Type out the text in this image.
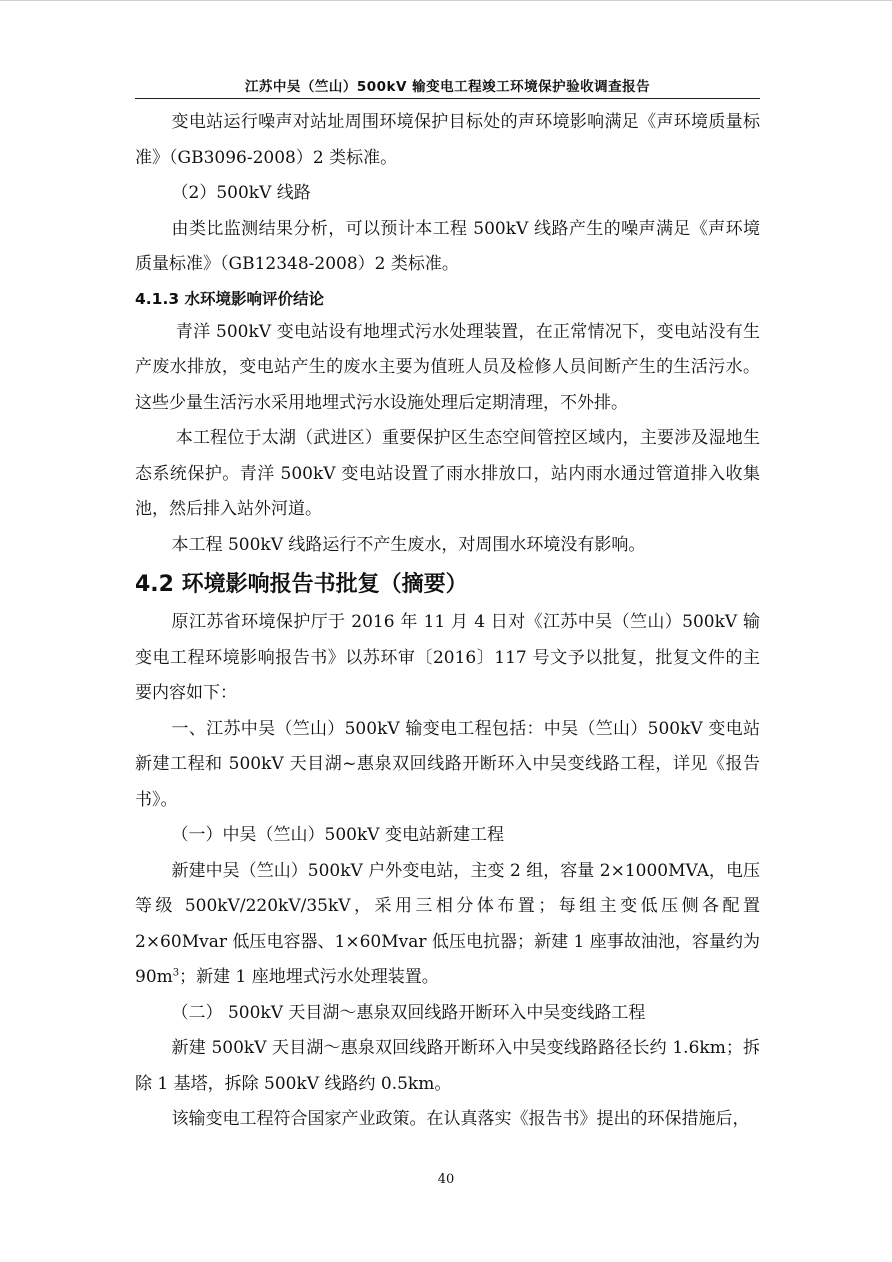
江苏中吴（竺山）500kV 输变电工程竣工环境保护验收调查报告

变电站运行噪声对站址周围环境保护目标处的声环境影响满足《声环境质量标准》（GB3096-2008）2 类标准。

（2）500kV 线路

由类比监测结果分析，可以预计本工程 500kV 线路产生的噪声满足《声环境质量标准》（GB12348-2008）2 类标准。

4.1.3 水环境影响评价结论

青洋 500kV 变电站设有地埋式污水处理装置，在正常情况下，变电站没有生产废水排放，变电站产生的废水主要为值班人员及检修人员间断产生的生活污水。这些少量生活污水采用地埋式污水设施处理后定期清理，不外排。

本工程位于太湖（武进区）重要保护区生态空间管控区域内，主要涉及湿地生态系统保护。青洋 500kV 变电站设置了雨水排放口，站内雨水通过管道排入收集池，然后排入站外河道。

本工程 500kV 线路运行不产生废水，对周围水环境没有影响。

4.2 环境影响报告书批复（摘要）

原江苏省环境保护厅于 2016 年 11 月 4 日对《江苏中吴（竺山）500kV 输变电工程环境影响报告书》以苏环审〔2016〕117 号文予以批复，批复文件的主要内容如下：

一、江苏中吴（竺山）500kV 输变电工程包括：中吴（竺山）500kV 变电站新建工程和 500kV 天目湖~惠泉双回线路开断环入中吴变线路工程，详见《报告书》。

（一）中吴（竺山）500kV 变电站新建工程

新建中吴（竺山）500kV 户外变电站，主变 2 组，容量 2×1000MVA，电压等级 500kV/220kV/35kV，采用三相分体布置；每组主变低压侧各配置 2×60Mvar 低压电容器、1×60Mvar 低压电抗器；新建 1 座事故油池，容量约为 $90m^3$；新建 1 座地埋式污水处理装置。

（二） 500kV 天目湖～惠泉双回线路开断环入中吴变线路工程

新建 500kV 天目湖～惠泉双回线路开断环入中吴变线路路径长约 1.6km；拆除 1 基塔，拆除 500kV 线路约 0.5km。

该输变电工程符合国家产业政策。在认真落实《报告书》提出的环保措施后，

40
